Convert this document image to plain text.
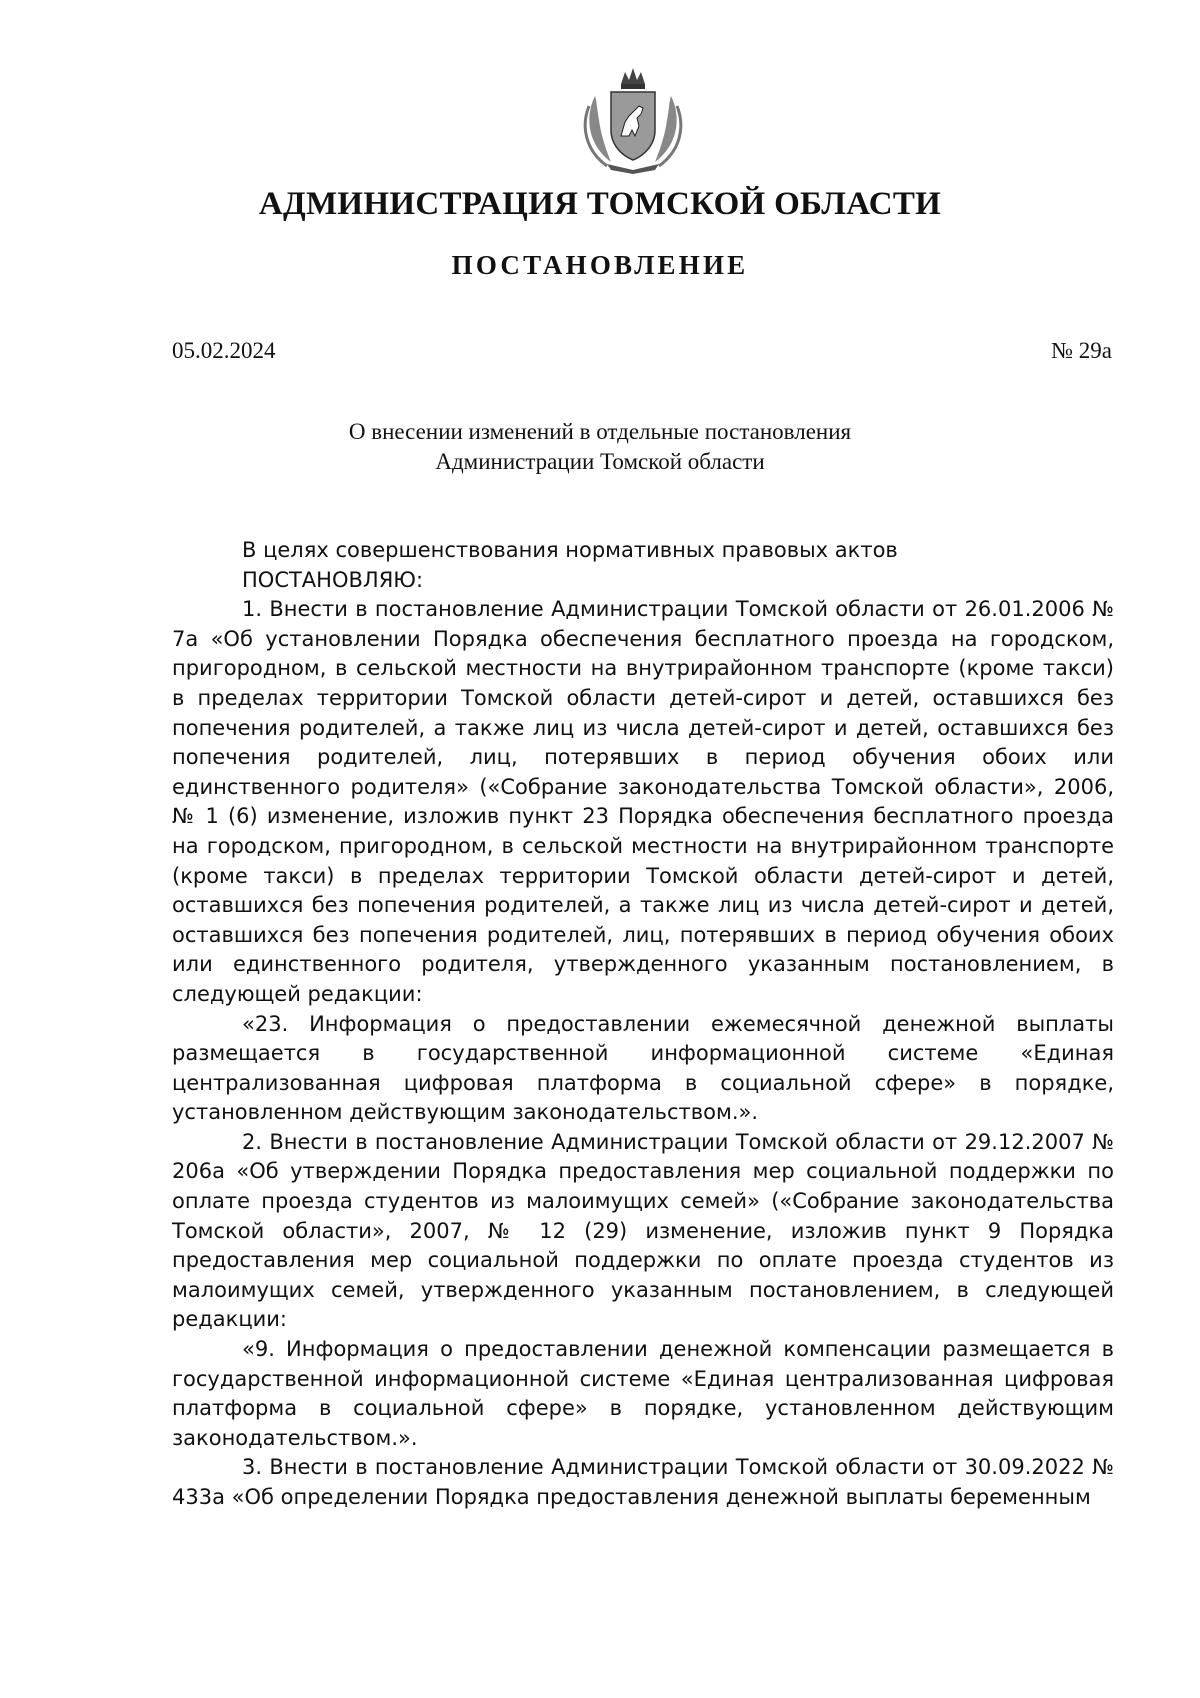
АДМИНИСТРАЦИЯ ТОМСКОЙ ОБЛАСТИ
ПОСТАНОВЛЕНИЕ
05.02.2024	№ 29а
О внесении изменений в отдельные постановления
Администрации Томской области

В целях совершенствования нормативных правовых актов

ПОСТАНОВЛЯЮ:

1. Внести в постановление Администрации Томской области от 26.01.2006 № 7а «Об установлении Порядка обеспечения бесплатного проезда на городском, пригородном, в сельской местности на внутрирайонном транспорте (кроме такси) в пределах территории Томской области детей-сирот и детей, оставшихся без попечения родителей, а также лиц из числа детей-сирот и детей, оставшихся без попечения родителей, лиц, потерявших в период обучения обоих или единственного родителя» («Собрание законодательства Томской области», 2006, № 1 (6) изменение, изложив пункт 23 Порядка обеспечения бесплатного проезда на городском, пригородном, в сельской местности на внутрирайонном транспорте (кроме такси) в пределах территории Томской области детей-сирот и детей, оставшихся без попечения родителей, а также лиц из числа детей-сирот и детей, оставшихся без попечения родителей, лиц, потерявших в период обучения обоих или единственного родителя, утвержденного указанным постановлением, в следующей редакции:

«23. Информация о предоставлении ежемесячной денежной выплаты размещается в государственной информационной системе «Единая централизованная цифровая платформа в социальной сфере» в порядке, установленном действующим законодательством.».

2. Внести в постановление Администрации Томской области от 29.12.2007 № 206а «Об утверждении Порядка предоставления мер социальной поддержки по оплате проезда студентов из малоимущих семей» («Собрание законодательства Томской области», 2007, № 12 (29) изменение, изложив пункт 9 Порядка предоставления мер социальной поддержки по оплате проезда студентов из малоимущих семей, утвержденного указанным постановлением, в следующей редакции:

«9. Информация о предоставлении денежной компенсации размещается в государственной информационной системе «Единая централизованная цифровая платформа в социальной сфере» в порядке, установленном действующим законодательством.».

3. Внести в постановление Администрации Томской области от 30.09.2022 № 433а «Об определении Порядка предоставления денежной выплаты беременным
